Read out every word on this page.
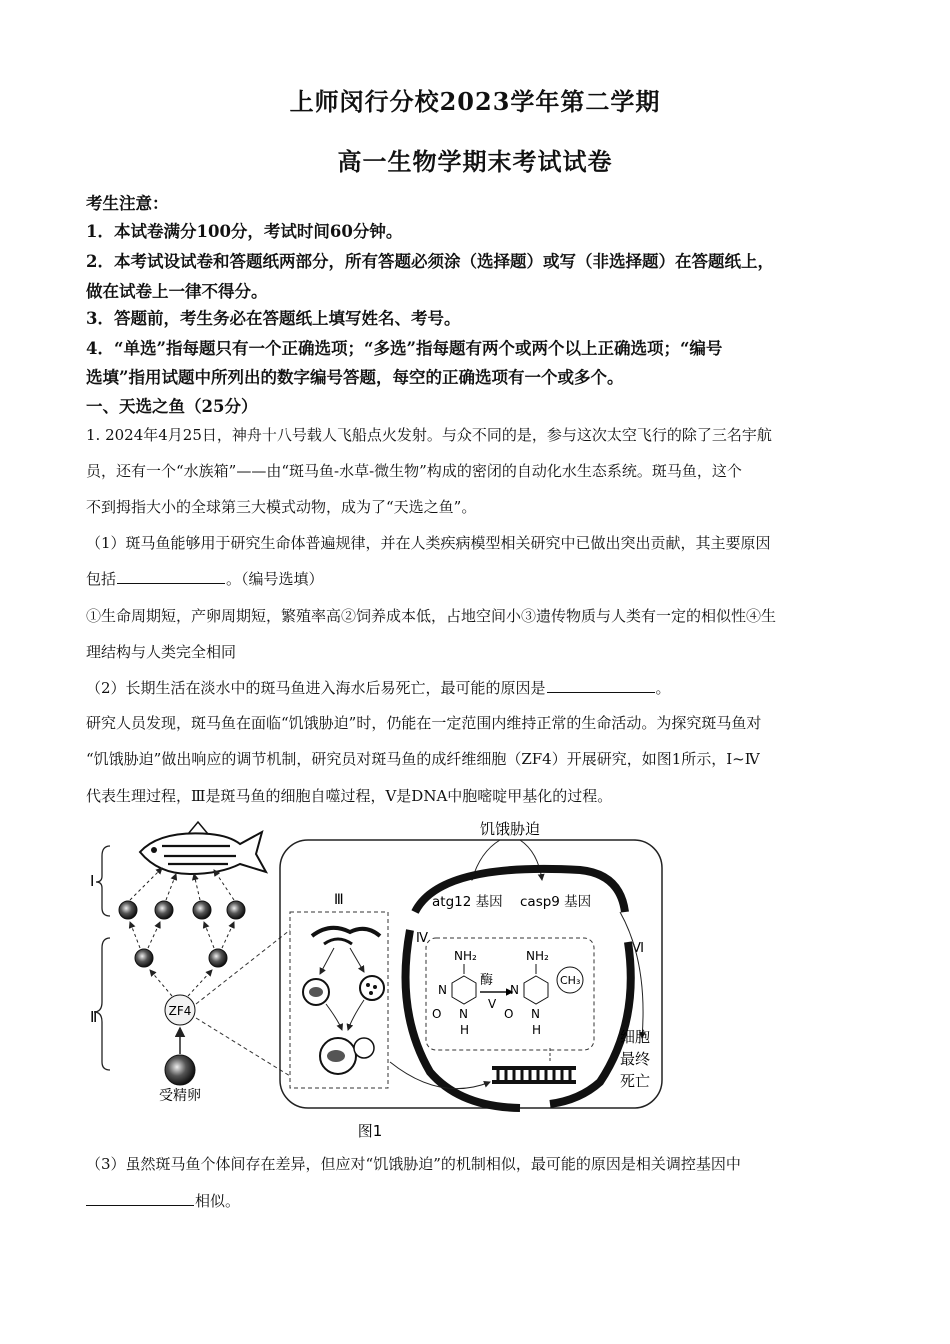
上师闵行分校2023学年第二学期
高一生物学期末考试试卷
考生注意：
1．本试卷满分100分，考试时间60分钟。
2．本考试设试卷和答题纸两部分，所有答题必须涂（选择题）或写（非选择题）在答题纸上，
做在试卷上一律不得分。
3．答题前，考生务必在答题纸上填写姓名、考号。
4．“单选”指每题只有一个正确选项；“多选”指每题有两个或两个以上正确选项；“编号
选填”指用试题中所列出的数字编号答题，每空的正确选项有一个或多个。
一、天选之鱼（25分）
1. 2024年4月25日，神舟十八号载人飞船点火发射。与众不同的是，参与这次太空飞行的除了三名宇航
员，还有一个“水族箱”——由“斑马鱼-水草-微生物”构成的密闭的自动化水生态系统。斑马鱼，这个
不到拇指大小的全球第三大模式动物，成为了“天选之鱼”。
（1）斑马鱼能够用于研究生命体普遍规律，并在人类疾病模型相关研究中已做出突出贡献，其主要原因
包括	。（编号选填）
①生命周期短，产卵周期短，繁殖率高②饲养成本低，占地空间小③遗传物质与人类有一定的相似性④生
理结构与人类完全相同
（2）长期生活在淡水中的斑马鱼进入海水后易死亡，最可能的原因是	。
研究人员发现，斑马鱼在面临“饥饿胁迫”时，仍能在一定范围内维持正常的生命活动。为探究斑马鱼对
“饥饿胁迫”做出响应的调节机制，研究员对斑马鱼的成纤维细胞（ZF4）开展研究，如图1所示，Ⅰ~Ⅳ
代表生理过程，Ⅲ是斑马鱼的细胞自噬过程，Ⅴ是DNA中胞嘧啶甲基化的过程。
Ⅰ
Ⅱ	ZF4
受精卵
饥饿胁迫
atg12 基因 casp9 基因
Ⅲ
Ⅳ
Ⅵ
细胞
最终
死亡
NH₂
N
O N
H
酶
Ⅴ
NH₂
N
O N
H
CH₃
图1
（3）虽然斑马鱼个体间存在差异，但应对“饥饿胁迫”的机制相似，最可能的原因是相关调控基因中
相似。
